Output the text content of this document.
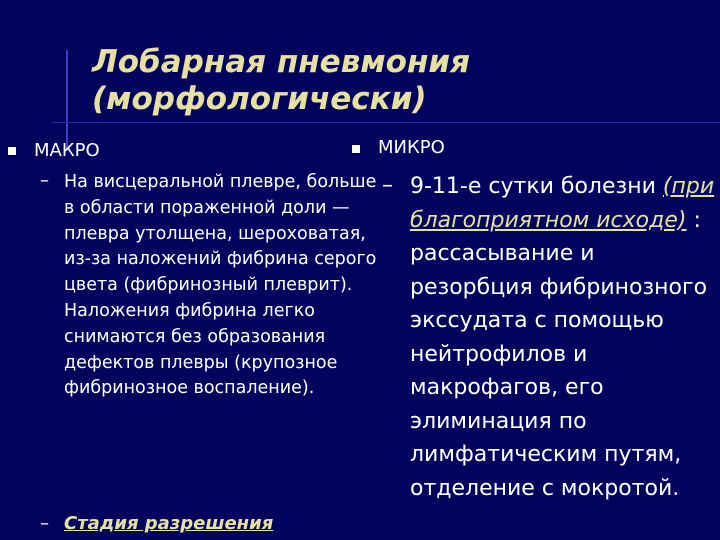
Лобарная пневмония
(морфологически)
МАКРО
– На висцеральной плевре, больше в области пораженной доли — плевра утолщена, шероховатая, из-за наложений фибрина серого цвета (фибринозный плеврит). Наложения фибрина легко снимаются без образования дефектов плевры (крупозное фибринозное воспаление).

– Стадия разрешения
МИКРО
– 9-11-е сутки болезни (при благоприятном исходе) : рассасывание и резорбция фибринозного экссудата с помощью нейтрофилов и макрофагов, его элиминация по лимфатическим путям, отделение с мокротой.
